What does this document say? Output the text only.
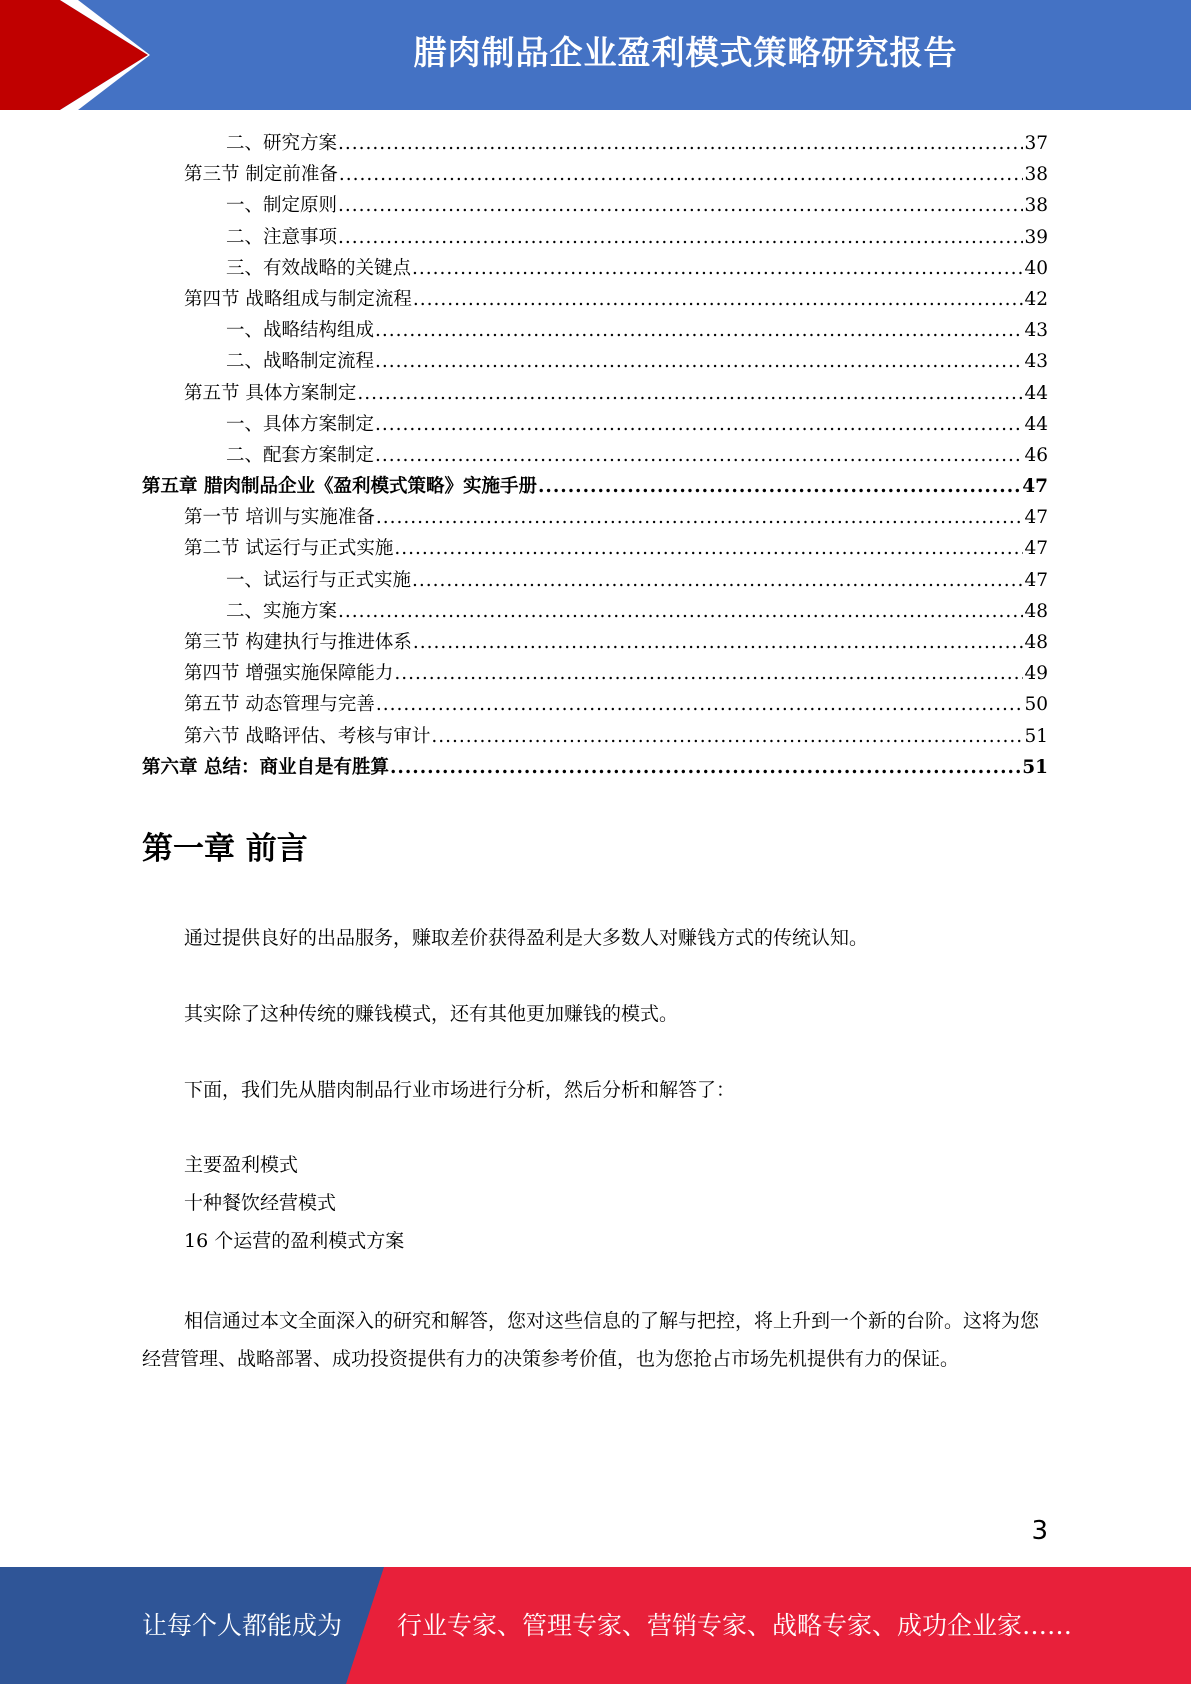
腊肉制品企业盈利模式策略研究报告
二、研究方案 .....	37
第三节 制定前准备 .....	38
一、制定原则 .....	38
二、注意事项 .....	39
三、有效战略的关键点 .....	40
第四节 战略组成与制定流程 .....	42
一、战略结构组成 .....	43
二、战略制定流程 .....	43
第五节 具体方案制定 .....	44
一、具体方案制定 .....	44
二、配套方案制定 .....	46
第五章 腊肉制品企业《盈利模式策略》实施手册 .....	47
第一节 培训与实施准备 .....	47
第二节 试运行与正式实施 .....	47
一、试运行与正式实施 .....	47
二、实施方案 .....	48
第三节 构建执行与推进体系 .....	48
第四节 增强实施保障能力 .....	49
第五节 动态管理与完善 .....	50
第六节 战略评估、考核与审计 .....	51
第六章 总结：商业自是有胜算 .....	51
第一章 前言

通过提供良好的出品服务，赚取差价获得盈利是大多数人对赚钱方式的传统认知。

其实除了这种传统的赚钱模式，还有其他更加赚钱的模式。

下面，我们先从腊肉制品行业市场进行分析，然后分析和解答了：

主要盈利模式
十种餐饮经营模式
16 个运营的盈利模式方案

相信通过本文全面深入的研究和解答，您对这些信息的了解与把控，将上升到一个新的台阶。这将为您经营管理、战略部署、成功投资提供有力的决策参考价值，也为您抢占市场先机提供有力的保证。

3
让每个人都能成为 行业专家、管理专家、营销专家、战略专家、成功企业家……
